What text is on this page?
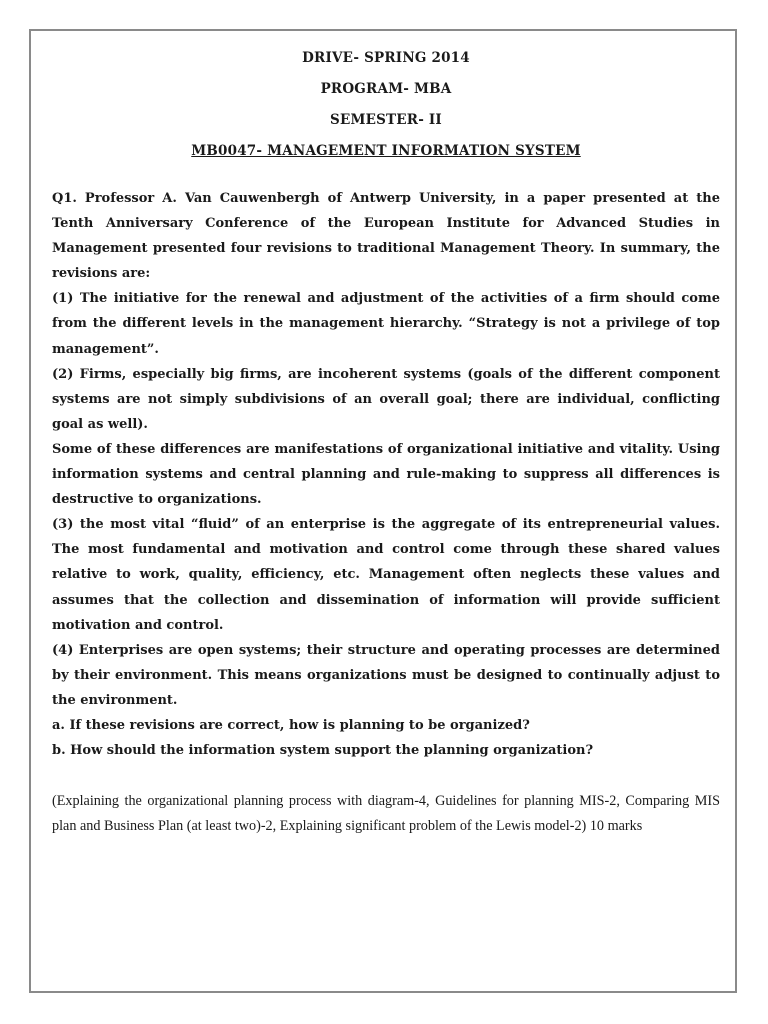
DRIVE- SPRING 2014

PROGRAM- MBA

SEMESTER- II

MB0047- MANAGEMENT INFORMATION SYSTEM

Q1. Professor A. Van Cauwenbergh of Antwerp University, in a paper presented at the Tenth Anniversary Conference of the European Institute for Advanced Studies in Management presented four revisions to traditional Management Theory. In summary, the revisions are:

(1) The initiative for the renewal and adjustment of the activities of a firm should come from the different levels in the management hierarchy. “Strategy is not a privilege of top management”.

(2) Firms, especially big firms, are incoherent systems (goals of the different component systems are not simply subdivisions of an overall goal; there are individual, conflicting goal as well).

Some of these differences are manifestations of organizational initiative and vitality. Using information systems and central planning and rule-making to suppress all differences is destructive to organizations.

(3) the most vital “fluid” of an enterprise is the aggregate of its entrepreneurial values. The most fundamental and motivation and control come through these shared values relative to work, quality, efficiency, etc. Management often neglects these values and assumes that the collection and dissemination of information will provide sufficient motivation and control.

(4) Enterprises are open systems; their structure and operating processes are determined by their environment. This means organizations must be designed to continually adjust to the environment.

a. If these revisions are correct, how is planning to be organized?

b. How should the information system support the planning organization?

(Explaining the organizational planning process with diagram-4, Guidelines for planning MIS-2, Comparing MIS plan and Business Plan (at least two)-2, Explaining significant problem of the Lewis model-2) 10 marks
